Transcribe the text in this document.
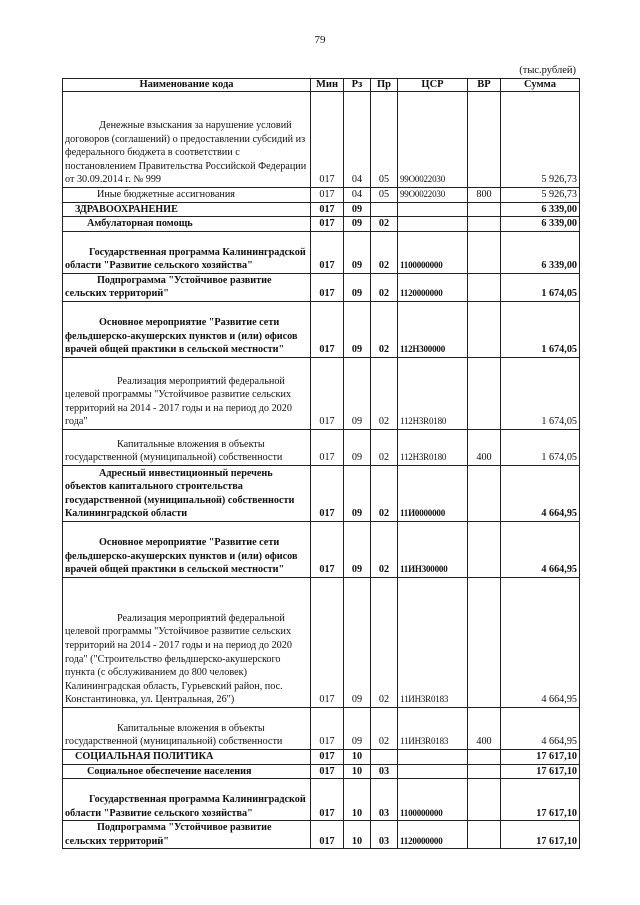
79
(тыс.рублей)
Наименование кода	Мин	Рз	Пр	ЦСР	ВР	Сумма
Денежные взыскания за нарушение условий договоров (соглашений) о предоставлении субсидий из федерального бюджета в соответствии с постановлением Правительства Российской Федерации от 30.09.2014 г. № 999	017	04	05	99О0022030		5 926,73
Иные бюджетные ассигнования	017	04	05	99О0022030	800	5 926,73
ЗДРАВООХРАНЕНИЕ	017	09				6 339,00
Амбулаторная помощь	017	09	02			6 339,00
Государственная программа Калининградской области "Развитие сельского хозяйства"	017	09	02	1100000000		6 339,00
Подпрограмма "Устойчивое развитие сельских территорий"	017	09	02	1120000000		1 674,05
Основное мероприятие "Развитие сети фельдшерско-акушерских пунктов и (или) офисов врачей общей практики в сельской местности"	017	09	02	112Н300000		1 674,05
Реализация мероприятий федеральной целевой программы "Устойчивое развитие сельских территорий на 2014 - 2017 годы и на период до 2020 года"	017	09	02	112Н3R0180		1 674,05
Капитальные вложения в объекты государственной (муниципальной) собственности	017	09	02	112Н3R0180	400	1 674,05
Адресный инвестиционный перечень объектов капитального строительства государственной (муниципальной) собственности Калининградской области	017	09	02	11И0000000		4 664,95
Основное мероприятие "Развитие сети фельдшерско-акушерских пунктов и (или) офисов врачей общей практики в сельской местности"	017	09	02	11ИН300000		4 664,95
Реализация мероприятий федеральной целевой программы "Устойчивое развитие сельских территорий на 2014 - 2017 годы и на период до 2020 года" ("Строительство фельдшерско-акушерского пункта (с обслуживанием до 800 человек) Калининградская область, Гурьевский район, пос. Константиновка, ул. Центральная, 26")	017	09	02	11ИН3R0183		4 664,95
Капитальные вложения в объекты государственной (муниципальной) собственности	017	09	02	11ИН3R0183	400	4 664,95
СОЦИАЛЬНАЯ ПОЛИТИКА	017	10				17 617,10
Социальное обеспечение населения	017	10	03			17 617,10
Государственная программа Калининградской области "Развитие сельского хозяйства"	017	10	03	1100000000		17 617,10
Подпрограмма "Устойчивое развитие сельских территорий"	017	10	03	1120000000		17 617,10
